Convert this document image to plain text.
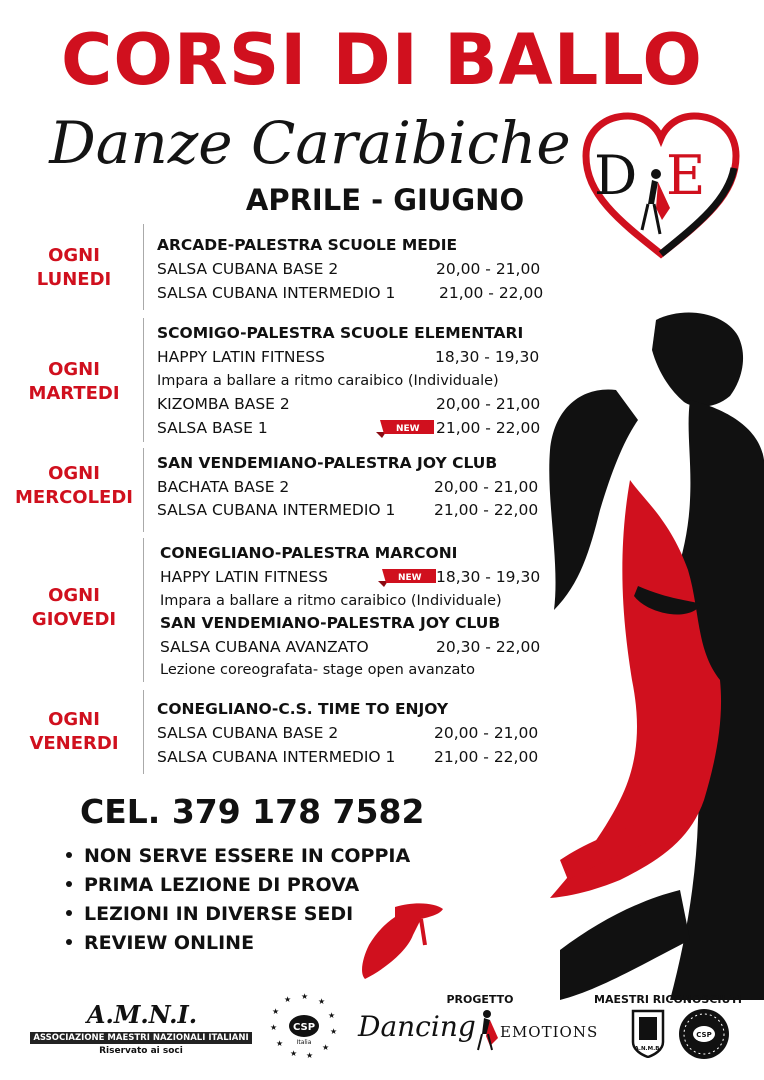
CORSI DI BALLO
Danze Caraibiche
APRILE - GIUGNO D E
OGNI
LUNEDI
ARCADE-PALESTRA SCUOLE MEDIE
SALSA CUBANA BASE 2	20,00 - 21,00
SALSA CUBANA INTERMEDIO 1	21,00 - 22,00
OGNI
MARTEDI
SCOMIGO-PALESTRA SCUOLE ELEMENTARI
HAPPY LATIN FITNESS	18,30 - 19,30
Impara a ballare a ritmo caraibico (Individuale)
KIZOMBA BASE 2	20,00 - 21,00
SALSA BASE 1	NEW 21,00 - 22,00
OGNI
MERCOLEDI
SAN VENDEMIANO-PALESTRA JOY CLUB
BACHATA BASE 2	20,00 - 21,00
SALSA CUBANA INTERMEDIO 1 21,00 - 22,00
OGNI
GIOVEDI
CONEGLIANO-PALESTRA MARCONI
HAPPY LATIN FITNESS	NEW 18,30 - 19,30
Impara a ballare a ritmo caraibico (Individuale)
SAN VENDEMIANO-PALESTRA JOY CLUB
SALSA CUBANA AVANZATO	20,30 - 22,00
Lezione coreografata- stage open avanzato
OGNI
VENERDI
CONEGLIANO-C.S. TIME TO ENJOY
SALSA CUBANA BASE 2	20,00 - 21,00
SALSA CUBANA INTERMEDIO 1 21,00 - 22,00
CEL. 379 178 7582
NON SERVE ESSERE IN COPPIA
PRIMA LEZIONE DI PROVA
LEZIONI IN DIVERSE SEDI
REVIEW ONLINE
A.M.N.I.
ASSOCIAZIONE MAESTRI NAZIONALI ITALIANI
Riservato ai soci
★
★
★
★
★
★
★
★
★
★
★
CSP
Italia
PROGETTO
Dancing EMOTIONS
MAESTRI RICONOSCIUTI
A.N.M.B.
CSP
